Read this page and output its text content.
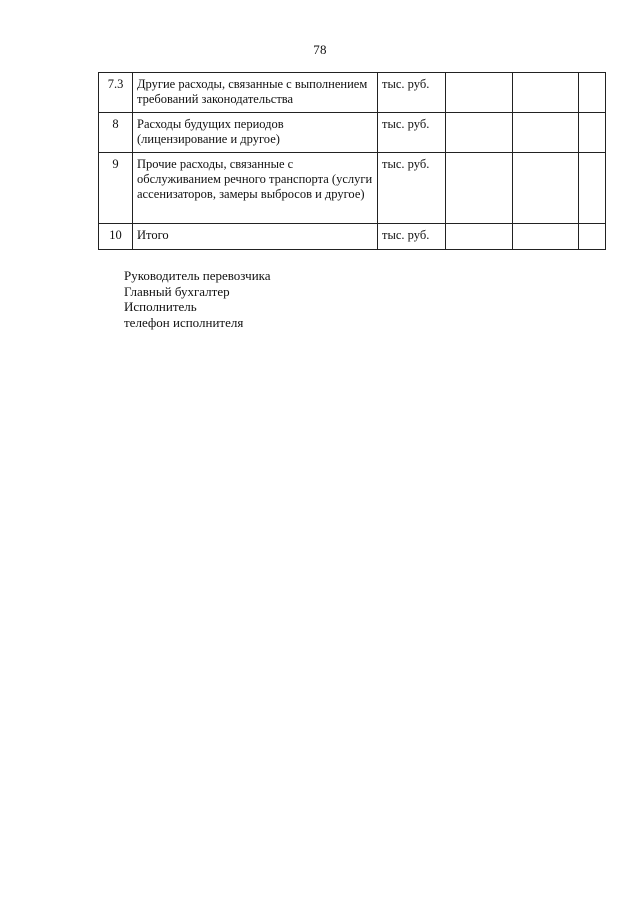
78
7.3	Другие расходы, связанные с выполнением требований законодательства	тыс. руб.			
8	Расходы будущих периодов (лицензирование и другое)	тыс. руб.			
9	Прочие расходы, связанные с обслуживанием речного транспорта (услуги ассенизаторов, замеры выбросов и другое)	тыс. руб.			
10	Итого	тыс. руб.			
Руководитель перевозчика
Главный бухгалтер
Исполнитель
телефон исполнителя
